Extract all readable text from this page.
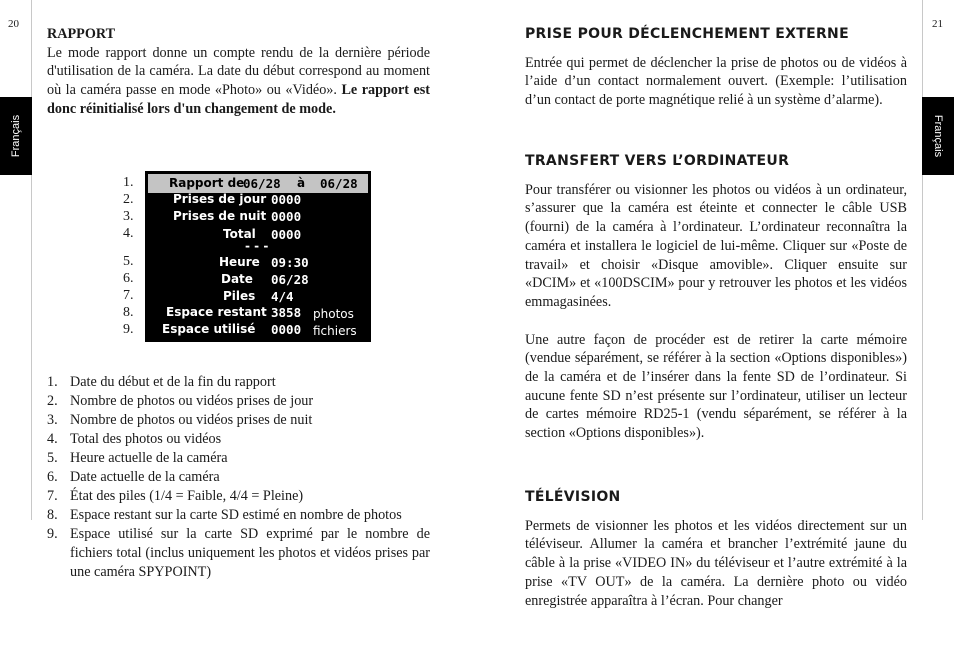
20
Français

RAPPORT

Le mode rapport donne un compte rendu de la dernière période d'utilisation de la caméra. La date du début correspond au moment où la caméra passe en mode «Photo» ou «Vidéo». Le rapport est donc réinitialisé lors d'un changement de mode.

1.
2.
3.
4.
5.
6.
7.
8.
9.
Rapport de
06/28 à 06/28
Prises de jour 0000
Prises de nuit 0000
Total 0000
- - -
Heure 09:30
Date 06/28
Piles 4/4
Espace restant 3858 photos
Espace utilisé 0000 fichiers
1. Date du début et de la fin du rapport
2. Nombre de photos ou vidéos prises de jour
3. Nombre de photos ou vidéos prises de nuit
4. Total des photos ou vidéos
5. Heure actuelle de la caméra
6. Date actuelle de la caméra
7. État des piles (1/4 = Faible, 4/4 = Pleine)
8. Espace restant sur la carte SD estimé en nombre de photos
9. Espace utilisé sur la carte SD exprimé par le nombre de fichiers total (inclus uniquement les photos et vidéos prises par une caméra SPYPOINT)
21
Français
PRISE POUR DÉCLENCHEMENT EXTERNE

Entrée qui permet de déclencher la prise de photos ou de vidéos à l’aide d’un contact normalement ouvert. (Exemple: l’utilisation d’un contact de porte magnétique relié à un système d’alarme).

TRANSFERT VERS L’ORDINATEUR

Pour transférer ou visionner les photos ou vidéos à un ordinateur, s’assurer que la caméra est éteinte et connecter le câble USB (fourni) de la caméra à l’ordinateur. L’ordinateur reconnaîtra la caméra et installera le logiciel de lui-même. Cliquer sur «Poste de travail» et choisir «Disque amovible». Cliquer ensuite sur «DCIM» et «100DSCIM» pour y retrouver les photos et les vidéos emmagasinées.

Une autre façon de procéder est de retirer la carte mémoire (vendue séparément, se référer à la section «Options disponibles») de la caméra et de l’insérer dans la fente SD de l’ordinateur. Si aucune fente SD n’est présente sur l’ordinateur, utiliser un lecteur de cartes mémoire RD25-1 (vendu séparément, se référer à la section «Options disponibles»).

TÉLÉVISION

Permets de visionner les photos et les vidéos directement sur un téléviseur. Allumer la caméra et brancher l’extrémité jaune du câble à la prise «VIDEO IN» du téléviseur et l’autre extrémité à la prise «TV OUT» de la caméra. La dernière photo ou vidéo enregistrée apparaîtra à l’écran. Pour changer
